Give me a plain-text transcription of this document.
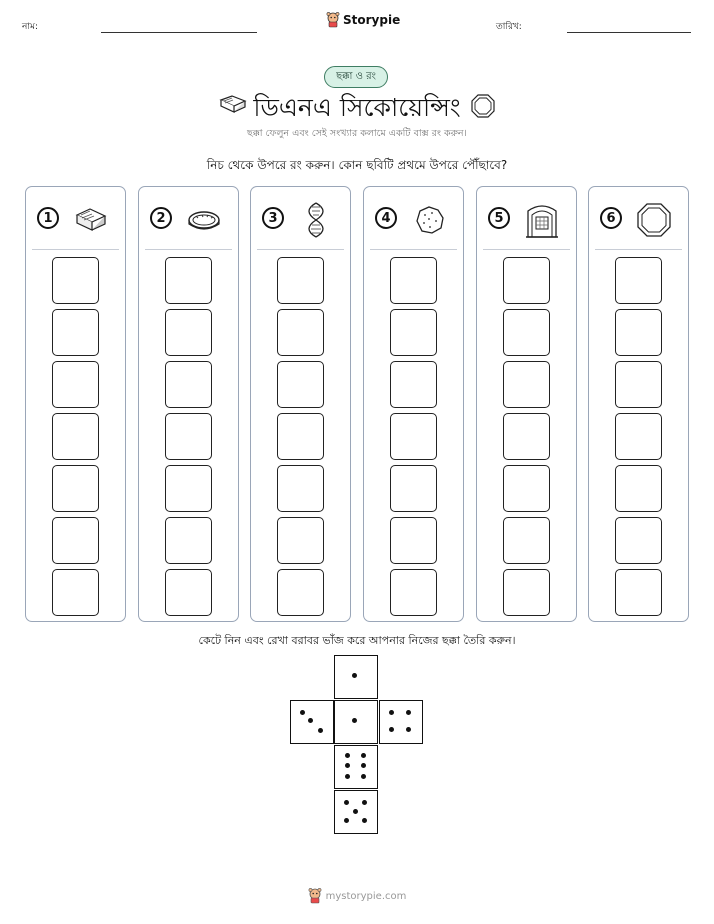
নাম:	Storypie	তারিখ:
ছক্কা ও রং
ডিএনএ সিকোয়েন্সিং
ছক্কা ফেলুন এবং সেই সংখ্যার কলামে একটি বাক্স রং করুন।
নিচ থেকে উপরে রং করুন। কোন ছবিটি প্রথমে উপরে পৌঁছাবে?
1	2	3	4	5	6
কেটে নিন এবং রেখা বরাবর ভাঁজ করে আপনার নিজের ছক্কা তৈরি করুন।
mystorypie.com
